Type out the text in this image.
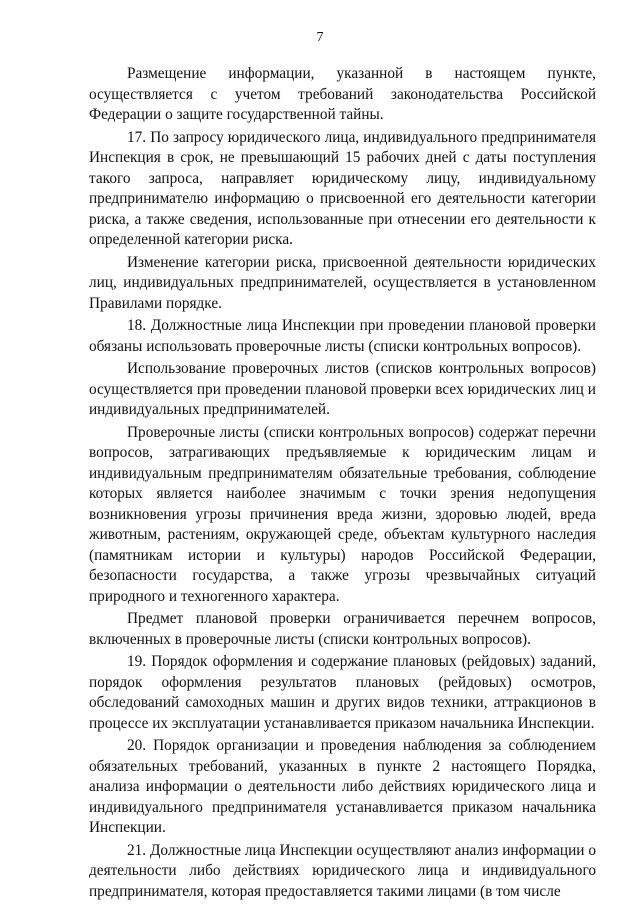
7

Размещение информации, указанной в настоящем пункте, осуществляется с учетом требований законодательства Российской Федерации о защите государственной тайны.

17. По запросу юридического лица, индивидуального предпринимателя Инспекция в срок, не превышающий 15 рабочих дней с даты поступления такого запроса, направляет юридическому лицу, индивидуальному предпринимателю информацию о присвоенной его деятельности категории риска, а также сведения, использованные при отнесении его деятельности к определенной категории риска.

Изменение категории риска, присвоенной деятельности юридических лиц, индивидуальных предпринимателей, осуществляется в установленном Правилами порядке.

18. Должностные лица Инспекции при проведении плановой проверки обязаны использовать проверочные листы (списки контрольных вопросов).

Использование проверочных листов (списков контрольных вопросов) осуществляется при проведении плановой проверки всех юридических лиц и индивидуальных предпринимателей.

Проверочные листы (списки контрольных вопросов) содержат перечни вопросов, затрагивающих предъявляемые к юридическим лицам и индивидуальным предпринимателям обязательные требования, соблюдение которых является наиболее значимым с точки зрения недопущения возникновения угрозы причинения вреда жизни, здоровью людей, вреда животным, растениям, окружающей среде, объектам культурного наследия (памятникам истории и культуры) народов Российской Федерации, безопасности государства, а также угрозы чрезвычайных ситуаций природного и техногенного характера.

Предмет плановой проверки ограничивается перечнем вопросов, включенных в проверочные листы (списки контрольных вопросов).

19. Порядок оформления и содержание плановых (рейдовых) заданий, порядок оформления результатов плановых (рейдовых) осмотров, обследований самоходных машин и других видов техники, аттракционов в процессе их эксплуатации устанавливается приказом начальника Инспекции.

20. Порядок организации и проведения наблюдения за соблюдением обязательных требований, указанных в пункте 2 настоящего Порядка, анализа информации о деятельности либо действиях юридического лица и индивидуального предпринимателя устанавливается приказом начальника Инспекции.

21. Должностные лица Инспекции осуществляют анализ информации о деятельности либо действиях юридического лица и индивидуального предпринимателя, которая предоставляется такими лицами (в том числе
